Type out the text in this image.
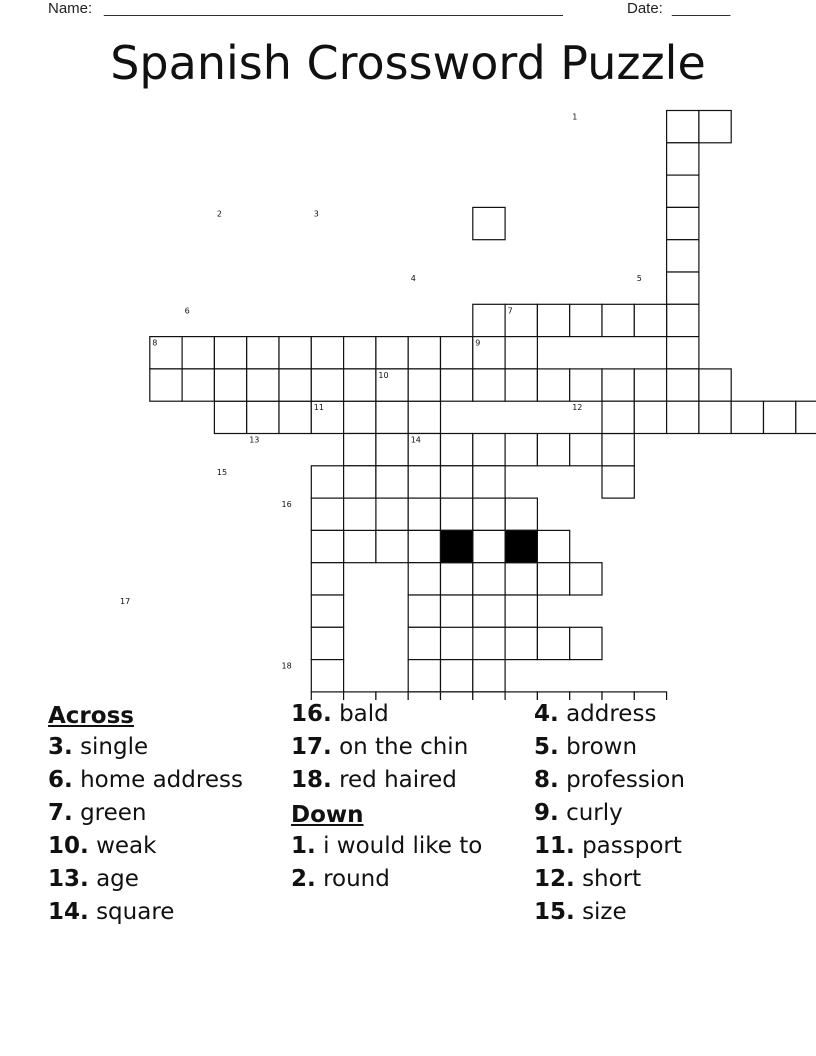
Name: _______________________________________________________	Date: _______
Spanish Crossword Puzzle
1
2	3
4	5
6	7
8	9
10
11	12
13	14
15
16
17
18
Across
3. single
6. home address
7. green
10. weak
13. age
14. square
16. bald
17. on the chin
18. red haired
Down
1. i would like to
2. round
4. address
5. brown
8. profession
9. curly
11. passport
12. short
15. size
